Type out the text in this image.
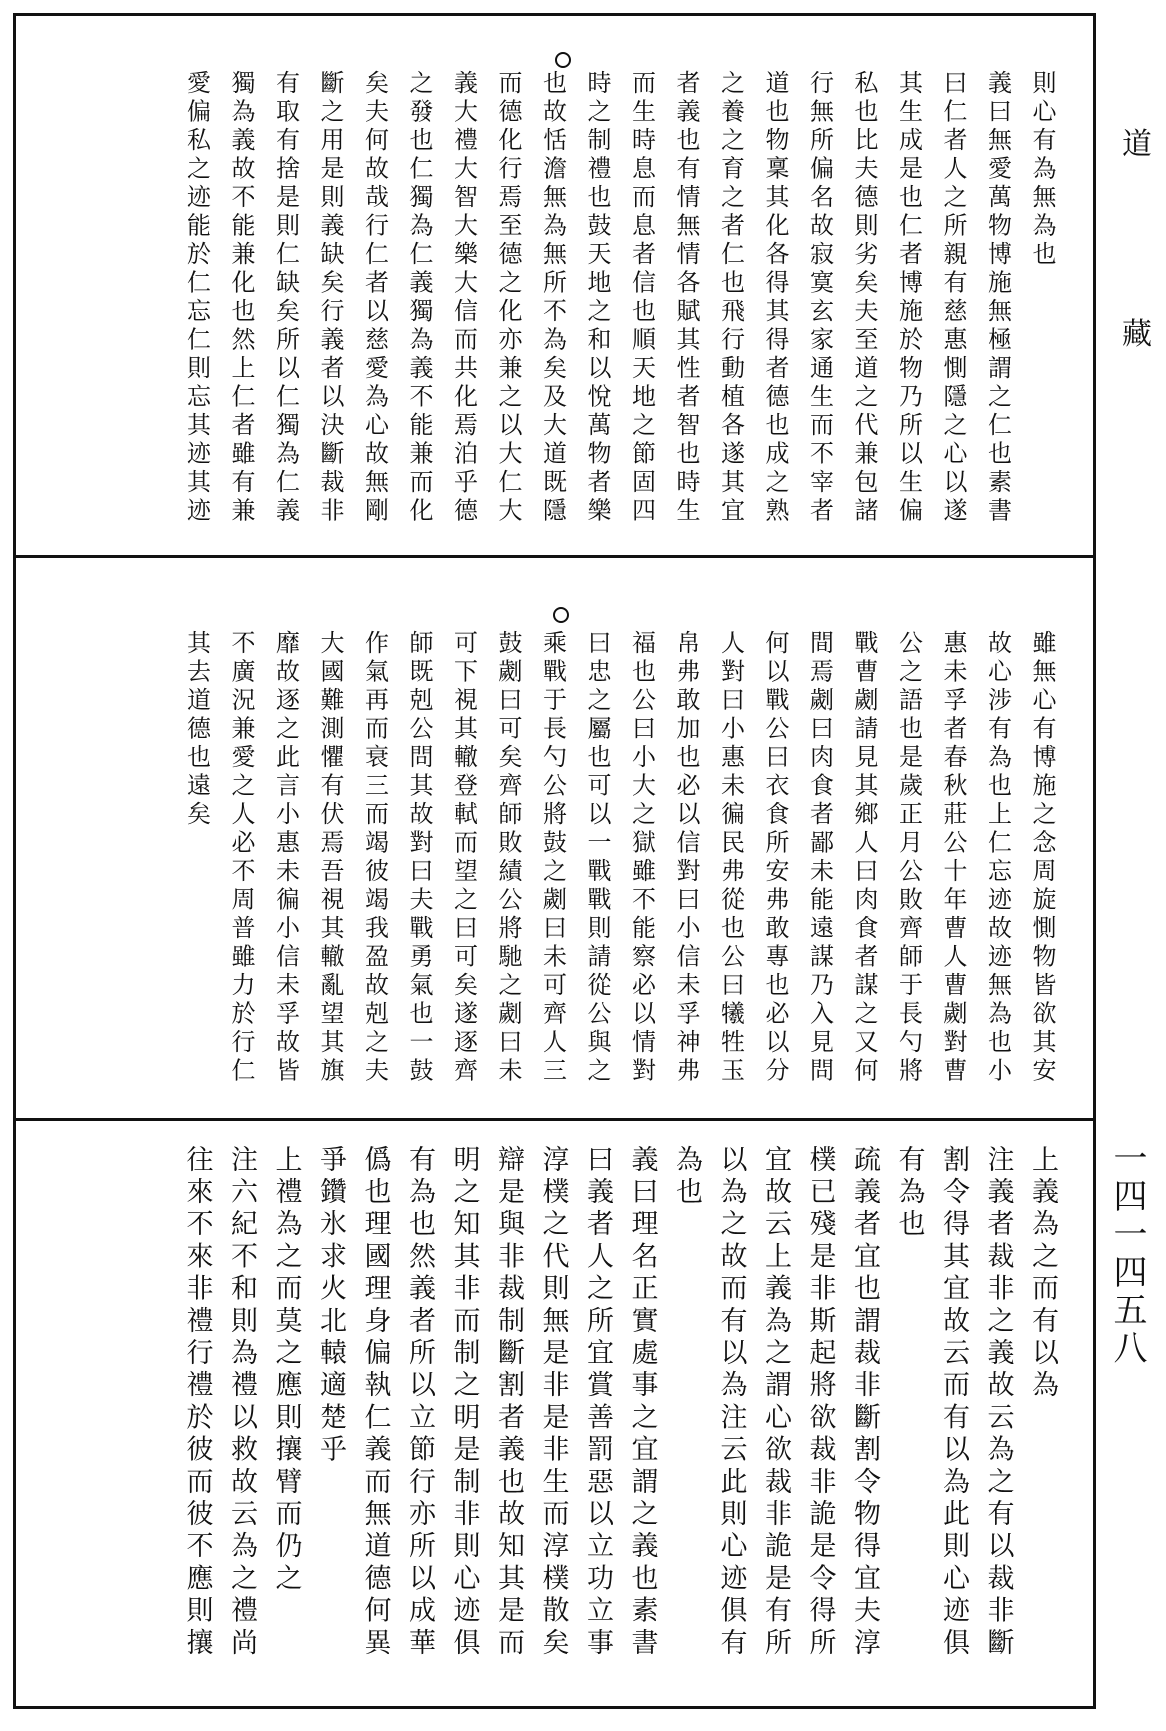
則心有為無為也
義曰無愛萬物博施無極謂之仁也素書
曰仁者人之所親有慈惠惻隱之心以遂
其生成是也仁者博施於物乃所以生偏
私也比夫德則劣矣夫至道之代兼包諸
行無所偏名故寂寞玄家通生而不宰者
道也物稟其化各得其得者德也成之熟
之養之育之者仁也飛行動植各遂其宜
者義也有情無情各賦其性者智也時生
而生時息而息者信也順天地之節固四
時之制禮也鼓天地之和以悅萬物者樂
也故恬澹無為無所不為矣及大道既隱
而德化行焉至德之化亦兼之以大仁大
義大禮大智大樂大信而共化焉泊乎德
之發也仁獨為仁義獨為義不能兼而化
矣夫何故哉行仁者以慈愛為心故無剛
斷之用是則義缺矣行義者以決斷裁非
有取有捨是則仁缺矣所以仁獨為仁義
獨為義故不能兼化也然上仁者雖有兼
愛偏私之迹能於仁忘仁則忘其迹其迹
雖無心有博施之念周旋惻物皆欲其安
故心涉有為也上仁忘迹故迹無為也小
惠未孚者春秋莊公十年曹人曹劌對曹
公之語也是歲正月公敗齊師于長勺將
戰曹劌請見其鄉人曰肉食者謀之又何
間焉劌曰肉食者鄙未能遠謀乃入見問
何以戰公曰衣食所安弗敢專也必以分
人對曰小惠未徧民弗從也公曰犧牲玉
帛弗敢加也必以信對曰小信未孚神弗
福也公曰小大之獄雖不能察必以情對
曰忠之屬也可以一戰戰則請從公與之
乘戰于長勺公將鼓之劌曰未可齊人三
鼓劌曰可矣齊師敗績公將馳之劌曰未
可下視其轍登軾而望之曰可矣遂逐齊
師既剋公問其故對曰夫戰勇氣也一鼓
作氣再而衰三而竭彼竭我盈故剋之夫
大國難測懼有伏焉吾視其轍亂望其旗
靡故逐之此言小惠未徧小信未孚故皆
不廣況兼愛之人必不周普雖力於行仁
其去道德也遠矣
上義為之而有以為
注義者裁非之義故云為之有以裁非斷
割令得其宜故云而有以為此則心迹俱
有為也
疏義者宜也謂裁非斷割令物得宜夫淳
樸已殘是非斯起將欲裁非詭是令得所
宜故云上義為之謂心欲裁非詭是有所
以為之故而有以為注云此則心迹俱有
為也
義曰理名正實處事之宜謂之義也素書
曰義者人之所宜賞善罰惡以立功立事
淳樸之代則無是非是非生而淳樸散矣
辯是與非裁制斷割者義也故知其是而
明之知其非而制之明是制非則心迹俱
有為也然義者所以立節行亦所以成華
僞也理國理身偏執仁義而無道德何異
爭鑽氷求火北轅適楚乎
上禮為之而莫之應則攘臂而仍之
注六紀不和則為禮以救故云為之禮尚
往來不來非禮行禮於彼而彼不應則攘
道
藏
一四一四五八
